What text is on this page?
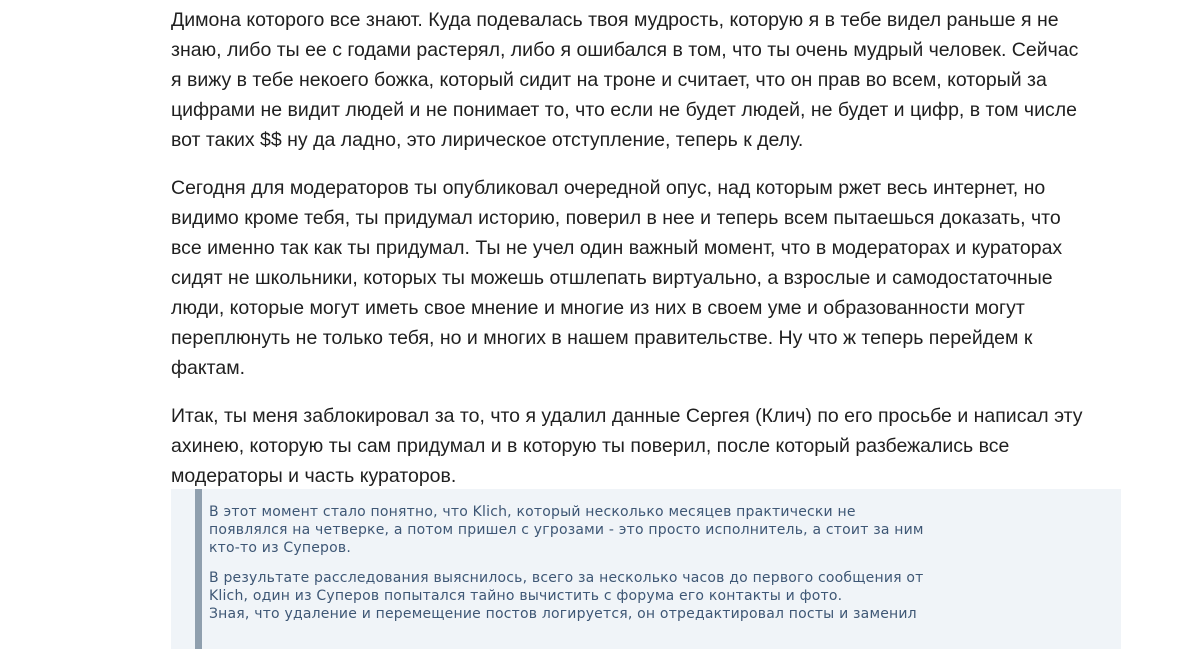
Димона которого все знают. Куда подевалась твоя мудрость, которую я в тебе видел раньше я не
знаю, либо ты ее с годами растерял, либо я ошибался в том, что ты очень мудрый человек. Сейчас
я вижу в тебе некоего божка, который сидит на троне и считает, что он прав во всем, который за
цифрами не видит людей и не понимает то, что если не будет людей, не будет и цифр, в том числе
вот таких $$ ну да ладно, это лирическое отступление, теперь к делу.

Сегодня для модераторов ты опубликовал очередной опус, над которым ржет весь интернет, но
видимо кроме тебя, ты придумал историю, поверил в нее и теперь всем пытаешься доказать, что
все именно так как ты придумал. Ты не учел один важный момент, что в модераторах и кураторах
сидят не школьники, которых ты можешь отшлепать виртуально, а взрослые и самодостаточные
люди, которые могут иметь свое мнение и многие из них в своем уме и образованности могут
переплюнуть не только тебя, но и многих в нашем правительстве. Ну что ж теперь перейдем к
фактам.

Итак, ты меня заблокировал за то, что я удалил данные Сергея (Клич) по его просьбе и написал эту
ахинею, которую ты сам придумал и в которую ты поверил, после который разбежались все
модераторы и часть кураторов.

В этот момент стало понятно, что Klich, который несколько месяцев практически не
появлялся на четверке, а потом пришел с угрозами - это просто исполнитель, а стоит за ним
кто-то из Суперов.

В результате расследования выяснилось, всего за несколько часов до первого сообщения от
Klich, один из Суперов попытался тайно вычистить с форума его контакты и фото.
Зная, что удаление и перемещение постов логируется, он отредактировал посты и заменил
